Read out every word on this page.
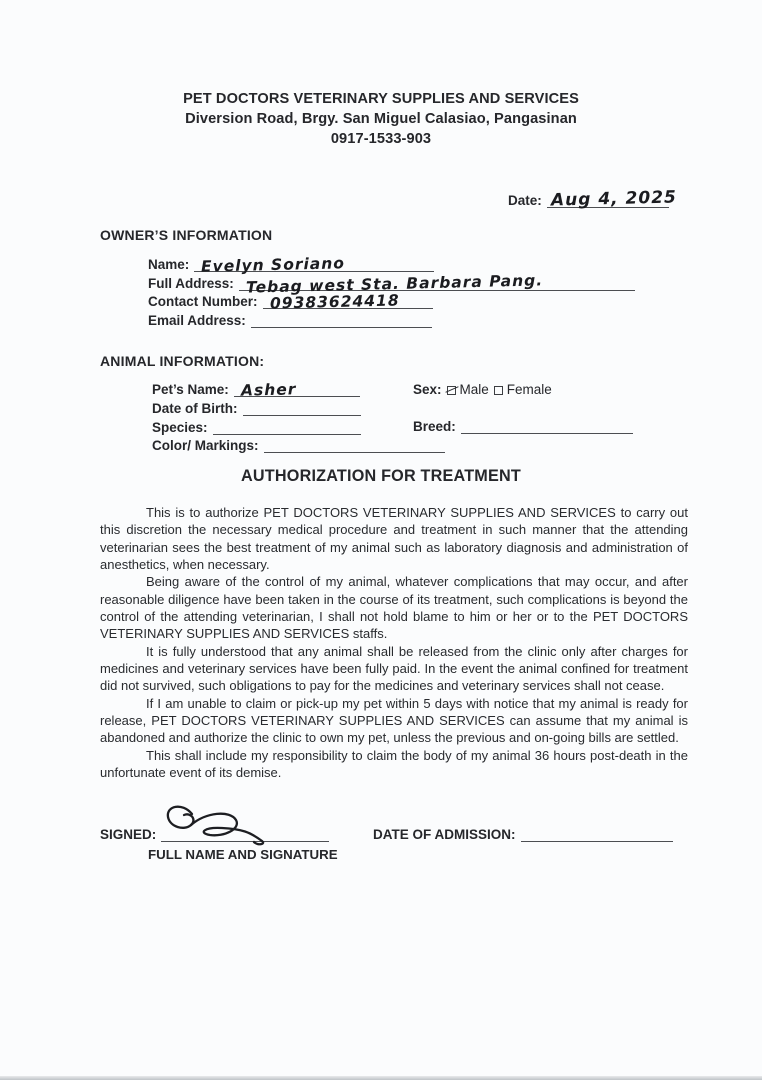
PET DOCTORS VETERINARY SUPPLIES AND SERVICES
Diversion Road, Brgy. San Miguel Calasiao, Pangasinan
0917-1533-903
Date: Aug 4, 2025
OWNER’S INFORMATION
Name: Evelyn Soriano
Full Address: Tebag west Sta. Barbara Pang.
Contact Number: 09383624418
Email Address:
ANIMAL INFORMATION:
Pet’s Name: Asher
Date of Birth:
Species:
Color/ Markings:
Sex: Male Female
Breed:
AUTHORIZATION FOR TREATMENT

This is to authorize PET DOCTORS VETERINARY SUPPLIES AND SERVICES to carry out this discretion the necessary medical procedure and treatment in such manner that the attending veterinarian sees the best treatment of my animal such as laboratory diagnosis and administration of anesthetics, when necessary.

Being aware of the control of my animal, whatever complications that may occur, and after reasonable diligence have been taken in the course of its treatment, such complications is beyond the control of the attending veterinarian, I shall not hold blame to him or her or to the PET DOCTORS VETERINARY SUPPLIES AND SERVICES staffs.

It is fully understood that any animal shall be released from the clinic only after charges for medicines and veterinary services have been fully paid. In the event the animal confined for treatment did not survived, such obligations to pay for the medicines and veterinary services shall not cease.

If I am unable to claim or pick-up my pet within 5 days with notice that my animal is ready for release, PET DOCTORS VETERINARY SUPPLIES AND SERVICES can assume that my animal is abandoned and authorize the clinic to own my pet, unless the previous and on-going bills are settled.

This shall include my responsibility to claim the body of my animal 36 hours post-death in the unfortunate event of its demise.

SIGNED:
FULL NAME AND SIGNATURE
DATE OF ADMISSION:
